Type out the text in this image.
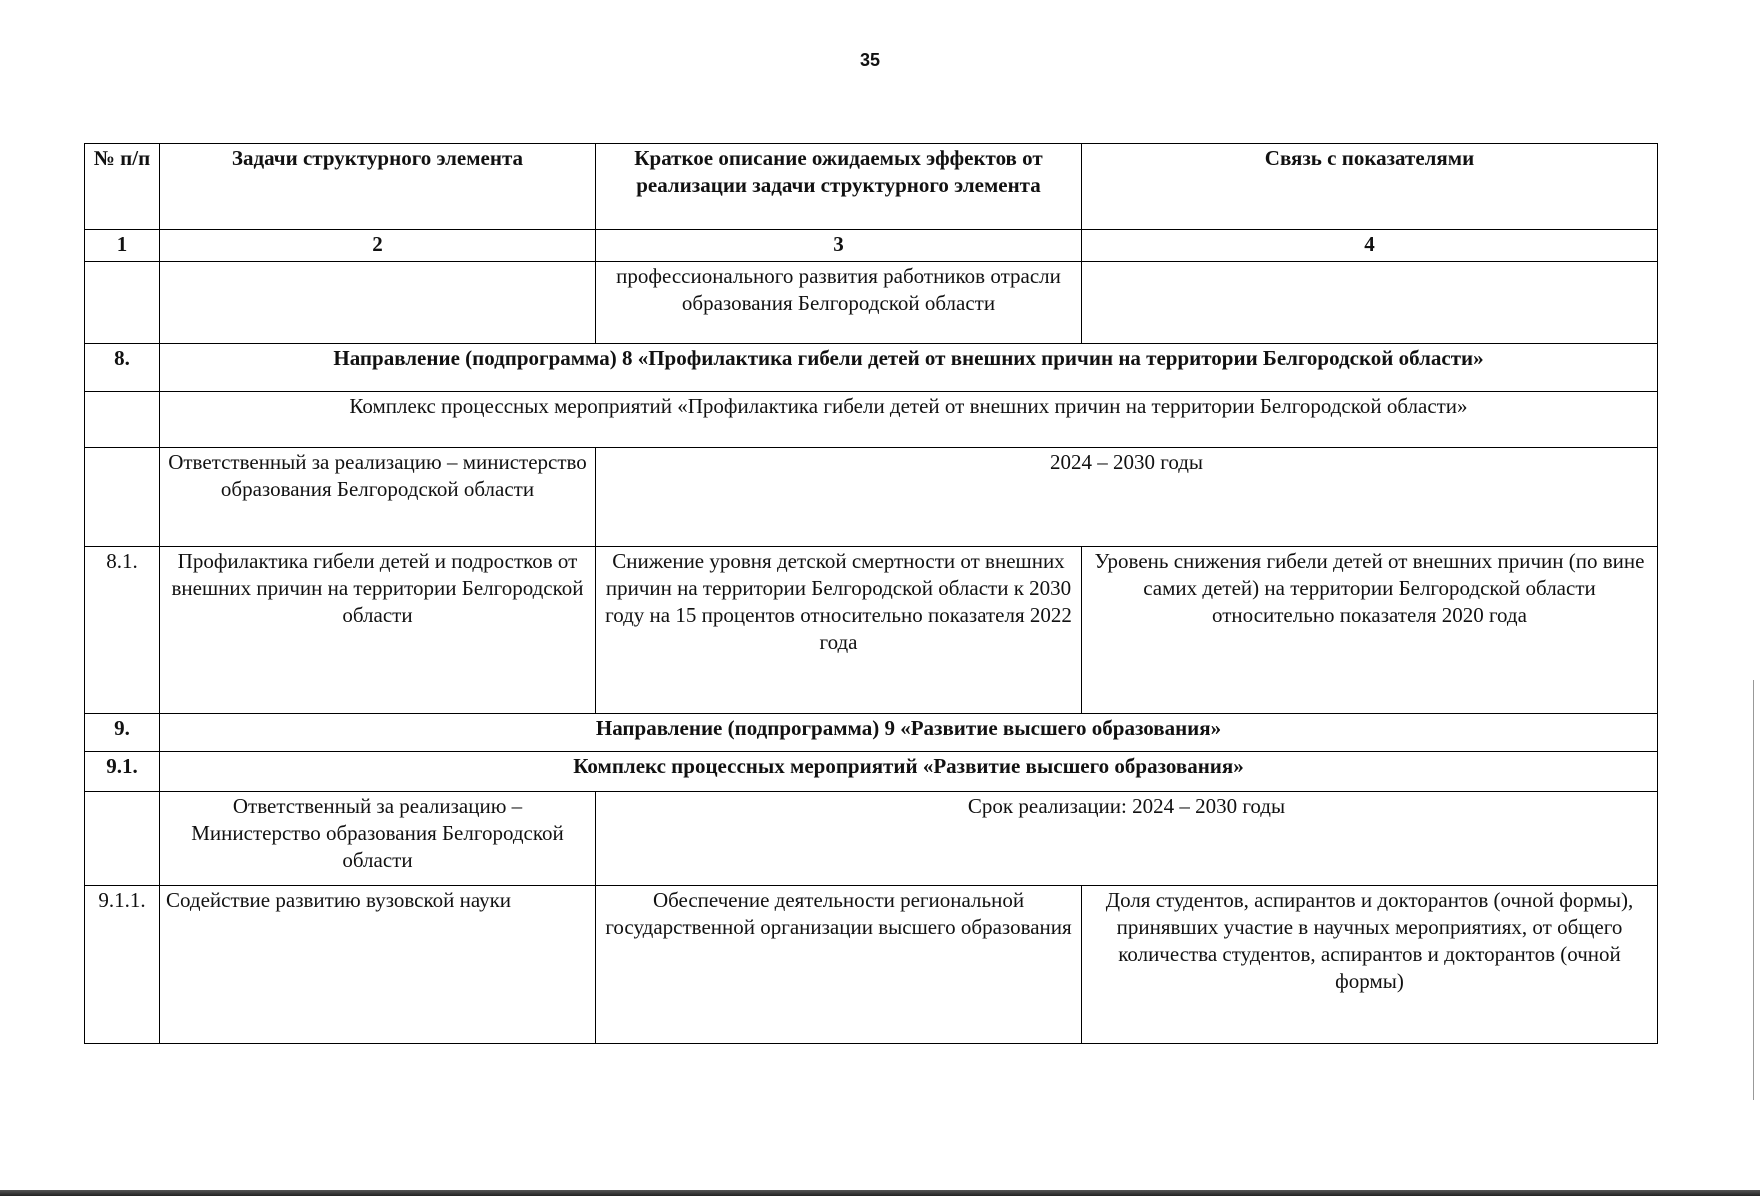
35
№ п/п	Задачи структурного элемента	Краткое описание ожидаемых эффектов от реализации задачи структурного элемента	Связь с показателями
1	2	3	4
		профессионального развития работников отрасли образования Белгородской области	
8.	Направление (подпрограмма) 8 «Профилактика гибели детей от внешних причин на территории Белгородской области»		
	Комплекс процессных мероприятий «Профилактика гибели детей от внешних причин на территории Белгородской области»		
	Ответственный за реализацию – министерство образования Белгородской области	2024 – 2030 годы	
8.1.	Профилактика гибели детей и подростков от внешних причин на территории Белгородской области	Снижение уровня детской смертности от внешних причин на территории Белгородской области к 2030 году на 15 процентов относительно показателя 2022 года	Уровень снижения гибели детей от внешних причин (по вине самих детей) на территории Белгородской области относительно показателя 2020 года
9.	Направление (подпрограмма) 9 «Развитие высшего образования»		
9.1.	Комплекс процессных мероприятий «Развитие высшего образования»		
	Ответственный за реализацию – Министерство образования Белгородской области	Срок реализации: 2024 – 2030 годы	
9.1.1.	Содействие развитию вузовской науки	Обеспечение деятельности региональной государственной организации высшего образования	Доля студентов, аспирантов и докторантов (очной формы), принявших участие в научных мероприятиях, от общего количества студентов, аспирантов и докторантов (очной формы)
